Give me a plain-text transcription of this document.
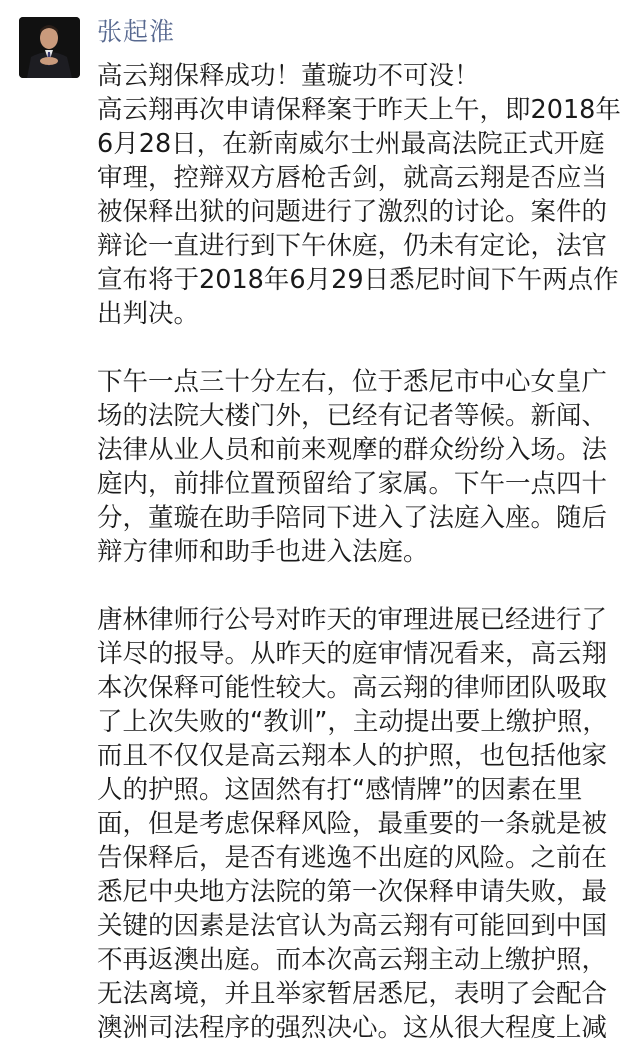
张起淮

高云翔保释成功！董璇功不可没！

高云翔再次申请保释案于昨天上午，即2018年
6月28日，在新南威尔士州最高法院正式开庭
审理，控辩双方唇枪舌剑，就高云翔是否应当
被保释出狱的问题进行了激烈的讨论。案件的
辩论一直进行到下午休庭，仍未有定论，法官
宣布将于2018年6月29日悉尼时间下午两点作
出判决。

下午一点三十分左右，位于悉尼市中心女皇广
场的法院大楼门外，已经有记者等候。新闻、
法律从业人员和前来观摩的群众纷纷入场。法
庭内，前排位置预留给了家属。下午一点四十
分，董璇在助手陪同下进入了法庭入座。随后
辩方律师和助手也进入法庭。

唐林律师行公号对昨天的审理进展已经进行了
详尽的报导。从昨天的庭审情况看来，高云翔
本次保释可能性较大。高云翔的律师团队吸取
了上次失败的“教训”，主动提出要上缴护照，
而且不仅仅是高云翔本人的护照，也包括他家
人的护照。这固然有打“感情牌”的因素在里
面，但是考虑保释风险，最重要的一条就是被
告保释后，是否有逃逸不出庭的风险。之前在
悉尼中央地方法院的第一次保释申请失败，最
关键的因素是法官认为高云翔有可能回到中国
不再返澳出庭。而本次高云翔主动上缴护照，
无法离境，并且举家暂居悉尼，表明了会配合
澳洲司法程序的强烈决心。这从很大程度上减
